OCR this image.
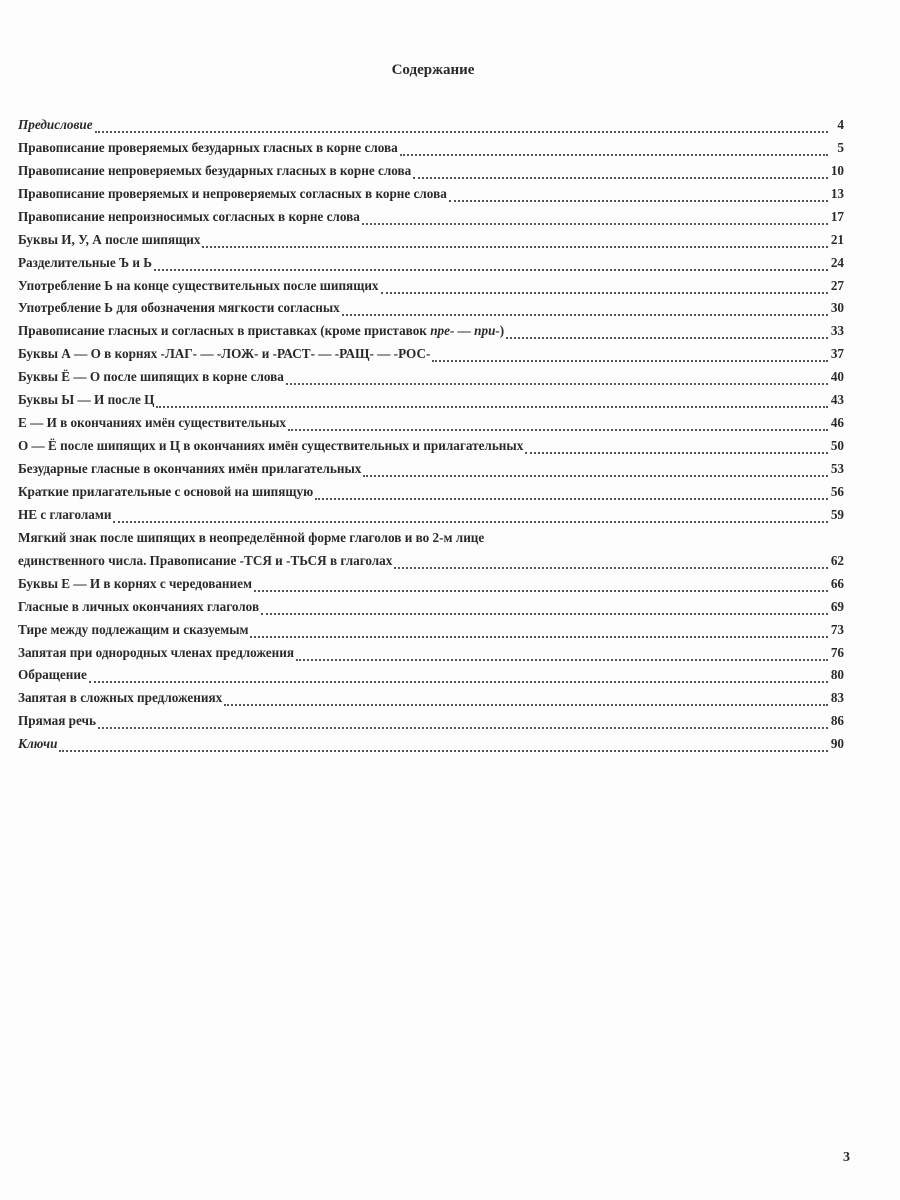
Содержание
Предисловие	4
Правописание проверяемых безударных гласных в корне слова	5
Правописание непроверяемых безударных гласных в корне слова	10
Правописание проверяемых и непроверяемых согласных в корне слова	13
Правописание непроизносимых согласных в корне слова	17
Буквы И, У, А после шипящих	21
Разделительные Ъ и Ь	24
Употребление Ь на конце существительных после шипящих	27
Употребление Ь для обозначения мягкости согласных	30
Правописание гласных и согласных в приставках (кроме приставок пре- — при-)	33
Буквы А — О в корнях -ЛАГ- — -ЛОЖ- и -РАСТ- — -РАЩ- — -РОС-	37
Буквы Ё — О после шипящих в корне слова	40
Буквы Ы — И после Ц	43
Е — И в окончаниях имён существительных	46
О — Ё после шипящих и Ц в окончаниях имён существительных и прилагательных	50
Безударные гласные в окончаниях имён прилагательных	53
Краткие прилагательные с основой на шипящую	56
НЕ с глаголами	59
Мягкий знак после шипящих в неопределённой форме глаголов и во 2-м лице
единственного числа. Правописание -ТСЯ и -ТЬСЯ в глаголах	62
Буквы Е — И в корнях с чередованием	66
Гласные в личных окончаниях глаголов	69
Тире между подлежащим и сказуемым	73
Запятая при однородных членах предложения	76
Обращение	80
Запятая в сложных предложениях	83
Прямая речь	86
Ключи	90
3
